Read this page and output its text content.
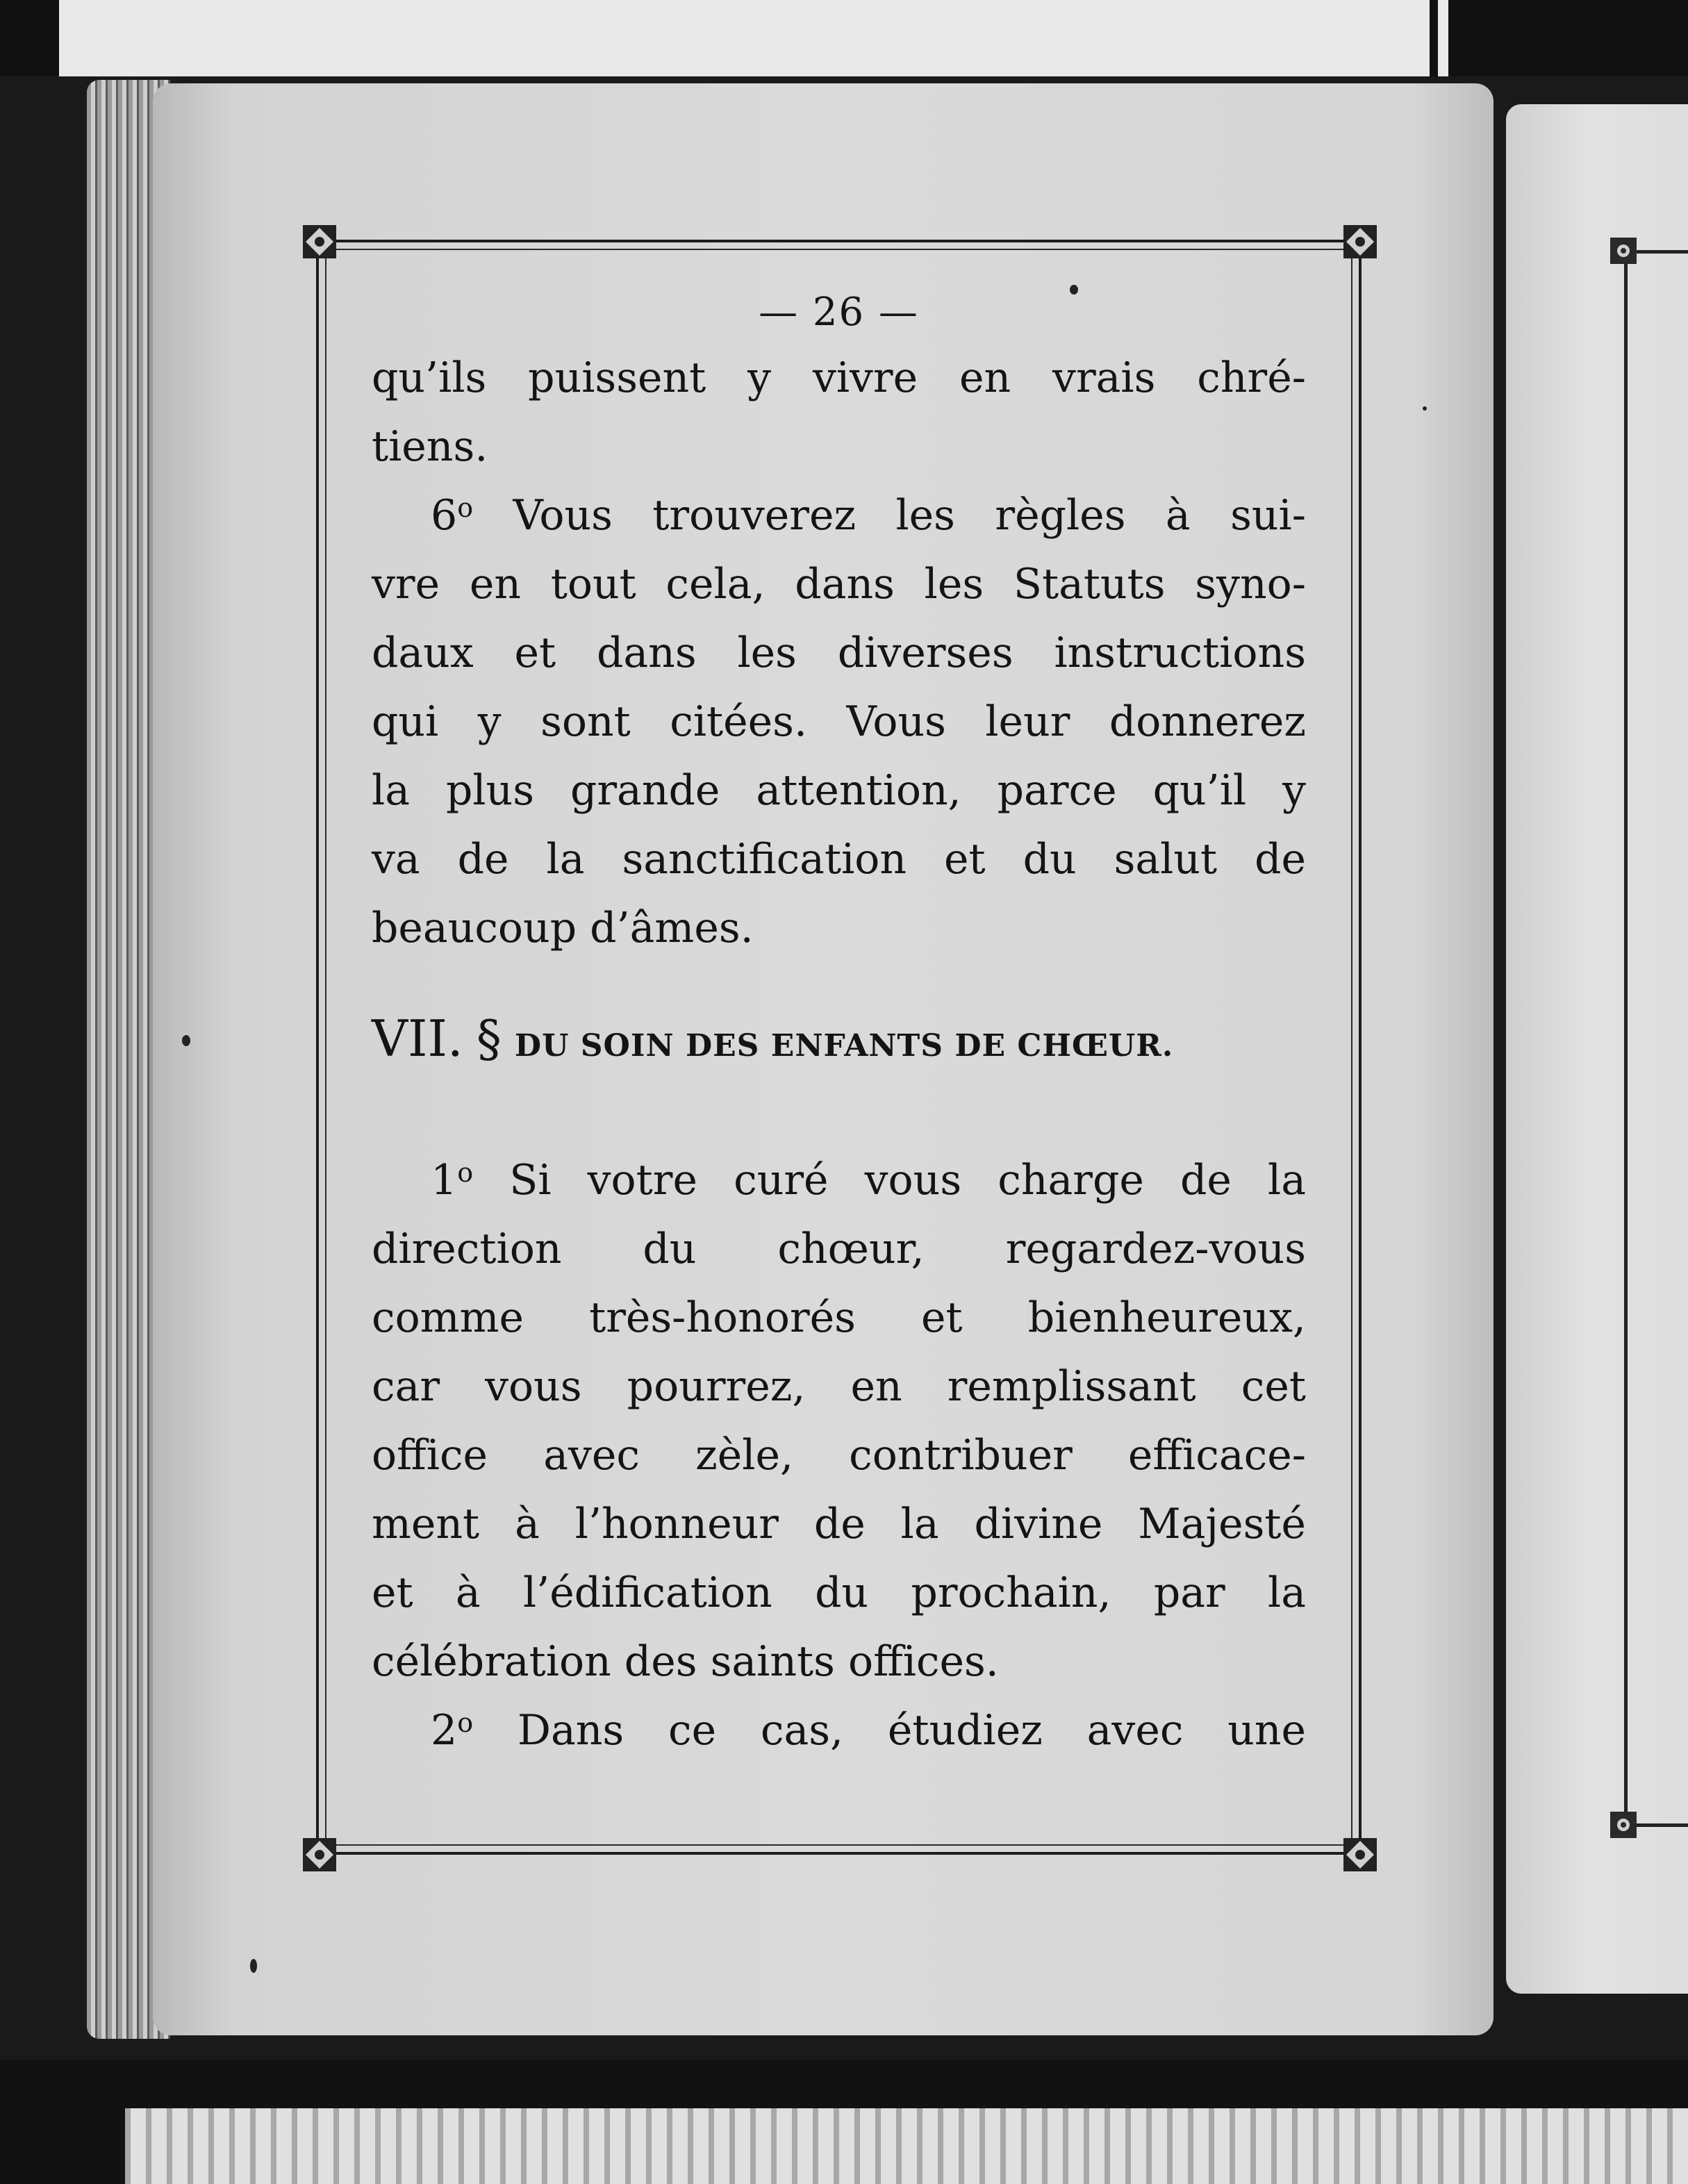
— 26 —
qu’ils puissent y vivre en vrais chré-
tiens.
6$^o$ Vous trouverez les règles à sui-
vre en tout cela, dans les Statuts syno-
daux et dans les diverses instructions
qui y sont citées. Vous leur donnerez
la plus grande attention, parce qu’il y
va de la sanctification et du salut de
beaucoup d’âmes.
VII. § DU SOIN DES ENFANTS DE CHŒUR.
1$^o$ Si votre curé vous charge de la
direction du chœur, regardez-vous
comme très-honorés et bienheureux,
car vous pourrez, en remplissant cet
office avec zèle, contribuer efficace-
ment à l’honneur de la divine Majesté
et à l’édification du prochain, par la
célébration des saints offices.
2$^o$ Dans ce cas, étudiez avec une
